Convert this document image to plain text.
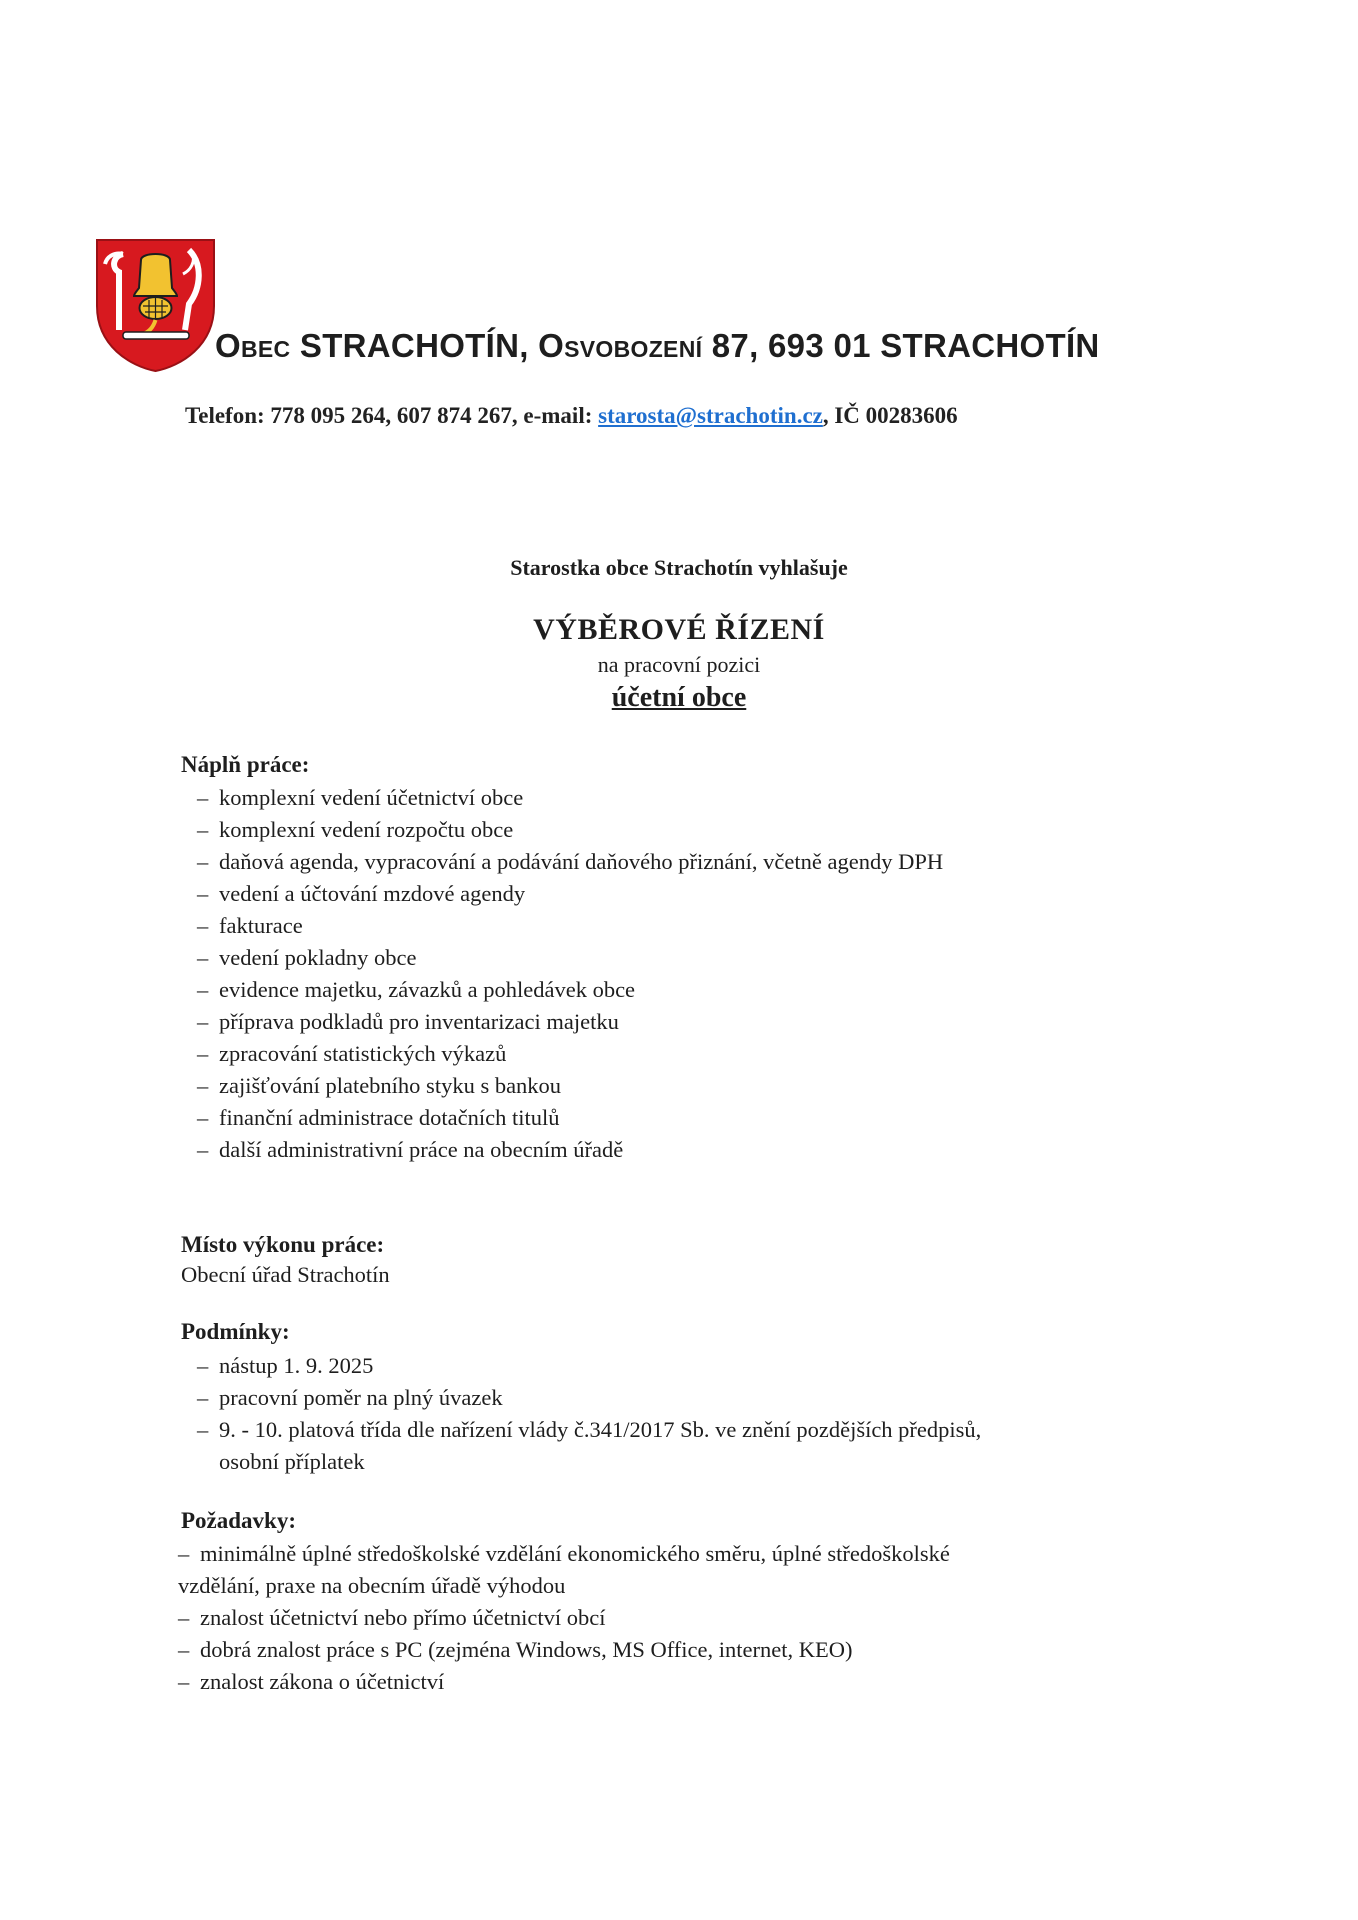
Obec STRACHOTÍN, Osvobození 87, 693 01 STRACHOTÍN
Telefon: 778 095 264, 607 874 267, e-mail: starosta@strachotin.cz, IČ 00283606
Starostka obce Strachotín vyhlašuje
VÝBĚROVÉ ŘÍZENÍ
na pracovní pozici
účetní obce
Náplň práce:
– komplexní vedení účetnictví obce
– komplexní vedení rozpočtu obce
– daňová agenda, vypracování a podávání daňového přiznání, včetně agendy DPH
– vedení a účtování mzdové agendy
– fakturace
– vedení pokladny obce
– evidence majetku, závazků a pohledávek obce
– příprava podkladů pro inventarizaci majetku
– zpracování statistických výkazů
– zajišťování platebního styku s bankou
– finanční administrace dotačních titulů
– další administrativní práce na obecním úřadě
Místo výkonu práce:
Obecní úřad Strachotín
Podmínky:
– nástup 1. 9. 2025
– pracovní poměr na plný úvazek
– 9. - 10. platová třída dle nařízení vlády č.341/2017 Sb. ve znění pozdějších předpisů,
osobní příplatek
Požadavky:
– minimálně úplné středoškolské vzdělání ekonomického směru, úplné středoškolské
vzdělání, praxe na obecním úřadě výhodou
– znalost účetnictví nebo přímo účetnictví obcí
– dobrá znalost práce s PC (zejména Windows, MS Office, internet, KEO)
– znalost zákona o účetnictví
